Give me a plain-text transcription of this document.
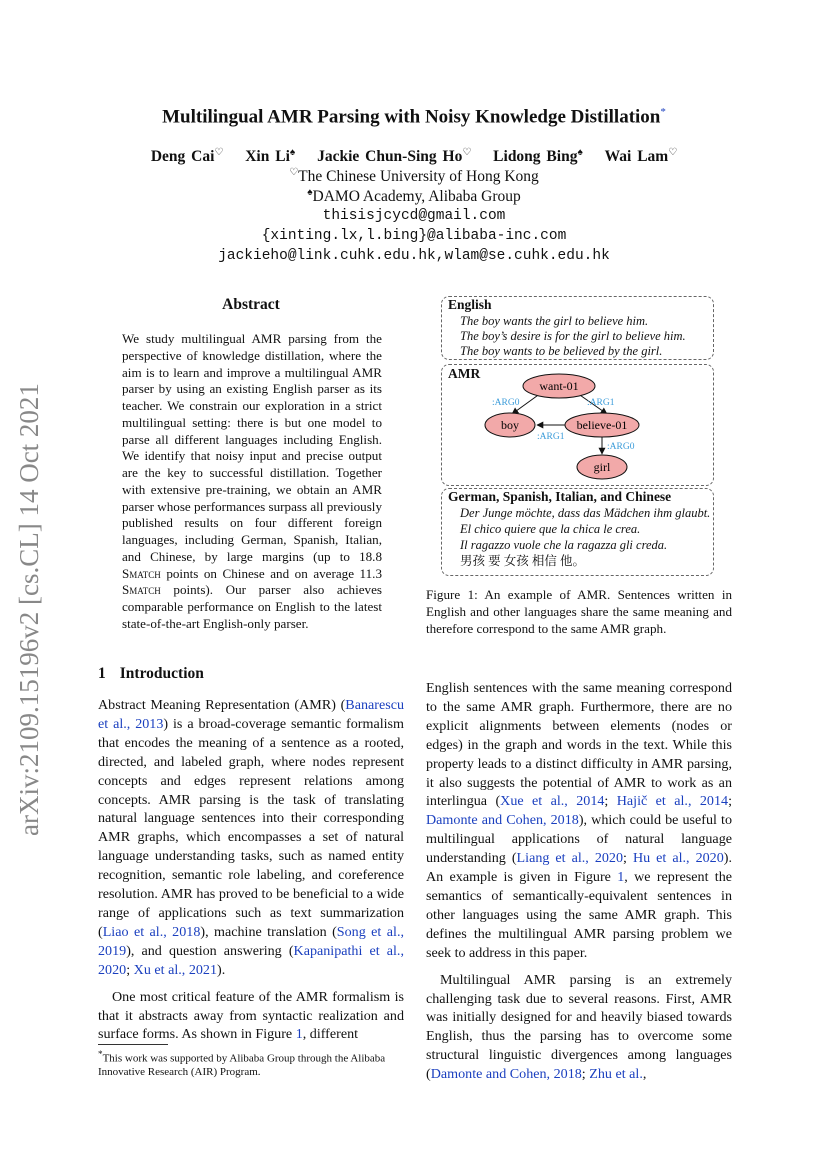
arXiv:2109.15196v2 [cs.CL] 14 Oct 2021
Multilingual AMR Parsing with Noisy Knowledge Distillation*
Deng Cai♡ Xin Li♠ Jackie Chun-Sing Ho♡ Lidong Bing♠ Wai Lam♡
♡The Chinese University of Hong Kong
♠DAMO Academy, Alibaba Group
thisisjcycd@gmail.com
{xinting.lx,l.bing}@alibaba-inc.com
jackieho@link.cuhk.edu.hk,wlam@se.cuhk.edu.hk
Abstract
We study multilingual AMR parsing from the perspective of knowledge distillation, where the aim is to learn and improve a multilingual AMR parser by using an existing English parser as its teacher. We constrain our exploration in a strict multilingual setting: there is but one model to parse all different languages including English. We identify that noisy input and precise output are the key to successful distillation. Together with extensive pre-training, we obtain an AMR parser whose performances surpass all previously published results on four different foreign languages, including German, Spanish, Italian, and Chinese, by large margins (up to 18.8 Smatch points on Chinese and on average 11.3 Smatch points). Our parser also achieves comparable performance on English to the latest state-of-the-art English-only parser.
English
The boy wants the girl to believe him.
The boy’s desire is for the girl to believe him.
The boy wants to be believed by the girl.
AMR
want-01
boy	believe-01
girl
:ARG0	:ARG1
:ARG1
:ARG0
German, Spanish, Italian, and Chinese
Der Junge möchte, dass das Mädchen ihm glaubt.
El chico quiere que la chica le crea.
Il ragazzo vuole che la ragazza gli creda.
男孩 要 女孩 相信 他。
Figure 1: An example of AMR. Sentences written in English and other languages share the same meaning and therefore correspond to the same AMR graph.
1 Introduction

Abstract Meaning Representation (AMR) (Banarescu et al., 2013) is a broad-coverage semantic formalism that encodes the meaning of a sentence as a rooted, directed, and labeled graph, where nodes represent concepts and edges represent relations among concepts. AMR parsing is the task of translating natural language sentences into their corresponding AMR graphs, which encompasses a set of natural language understanding tasks, such as named entity recognition, semantic role labeling, and coreference resolution. AMR has proved to be beneficial to a wide range of applications such as text summarization (Liao et al., 2018), machine translation (Song et al., 2019), and question answering (Kapanipathi et al., 2020; Xu et al., 2021).

One most critical feature of the AMR formalism is that it abstracts away from syntactic realization and surface forms. As shown in Figure 1, different

English sentences with the same meaning correspond to the same AMR graph. Furthermore, there are no explicit alignments between elements (nodes or edges) in the graph and words in the text. While this property leads to a distinct difficulty in AMR parsing, it also suggests the potential of AMR to work as an interlingua (Xue et al., 2014; Hajič et al., 2014; Damonte and Cohen, 2018), which could be useful to multilingual applications of natural language understanding (Liang et al., 2020; Hu et al., 2020). An example is given in Figure 1, we represent the semantics of semantically-equivalent sentences in other languages using the same AMR graph. This defines the multilingual AMR parsing problem we seek to address in this paper.

Multilingual AMR parsing is an extremely challenging task due to several reasons. First, AMR was initially designed for and heavily biased towards English, thus the parsing has to overcome some structural linguistic divergences among languages (Damonte and Cohen, 2018; Zhu et al.,

*This work was supported by Alibaba Group through the Alibaba Innovative Research (AIR) Program.
